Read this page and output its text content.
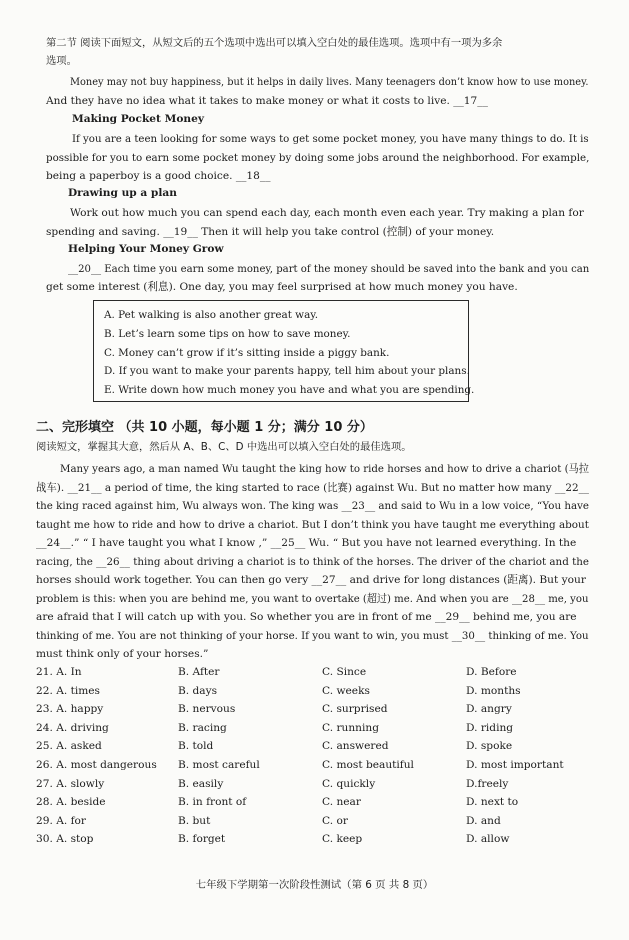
第二节 阅读下面短文，从短文后的五个选项中选出可以填入空白处的最佳选项。选项中有一项为多余
选项。
Money may not buy happiness, but it helps in daily lives. Many teenagers don’t know how to use money.
And they have no idea what it takes to make money or what it costs to live. __17__
Making Pocket Money
If you are a teen looking for some ways to get some pocket money, you have many things to do. It is
possible for you to earn some pocket money by doing some jobs around the neighborhood. For example,
being a paperboy is a good choice. __18__
Drawing up a plan
Work out how much you can spend each day, each month even each year. Try making a plan for
spending and saving. __19__ Then it will help you take control (控制) of your money.
Helping Your Money Grow
__20__ Each time you earn some money, part of the money should be saved into the bank and you can
get some interest (利息). One day, you may feel surprised at how much money you have.
A. Pet walking is also another great way.
B. Let’s learn some tips on how to save money.
C. Money can’t grow if it’s sitting inside a piggy bank.
D. If you want to make your parents happy, tell him about your plans.
E. Write down how much money you have and what you are spending.
二、完形填空 （共 10 小题，每小题 1 分；满分 10 分）
阅读短文，掌握其大意，然后从 A、B、C、D 中选出可以填入空白处的最佳选项。
Many years ago, a man named Wu taught the king how to ride horses and how to drive a chariot (马拉
战车). __21__ a period of time, the king started to race (比赛) against Wu. But no matter how many __22__
the king raced against him, Wu always won. The king was __23__ and said to Wu in a low voice, “You have
taught me how to ride and how to drive a chariot. But I don’t think you have taught me everything about
__24__.” “ I have taught you what I know ,” __25__ Wu. “ But you have not learned everything. In the
racing, the __26__ thing about driving a chariot is to think of the horses. The driver of the chariot and the
horses should work together. You can then go very __27__ and drive for long distances (距离). But your
problem is this: when you are behind me, you want to overtake (超过) me. And when you are __28__ me, you
are afraid that I will catch up with you. So whether you are in front of me __29__ behind me, you are
thinking of me. You are not thinking of your horse. If you want to win, you must __30__ thinking of me. You
must think only of your horses.”
21. A. In	B. After	C. Since	D. Before
22. A. times	B. days	C. weeks	D. months
23. A. happy	B. nervous	C. surprised	D. angry
24. A. driving	B. racing	C. running	D. riding
25. A. asked	B. told	C. answered	D. spoke
26. A. most dangerous B. most careful	C. most beautiful	D. most important
27. A. slowly	B. easily	C. quickly	D.freely
28. A. beside	B. in front of	C. near	D. next to
29. A. for	B. but	C. or	D. and
30. A. stop	B. forget	C. keep	D. allow
七年级下学期第一次阶段性测试（第 6 页 共 8 页）
